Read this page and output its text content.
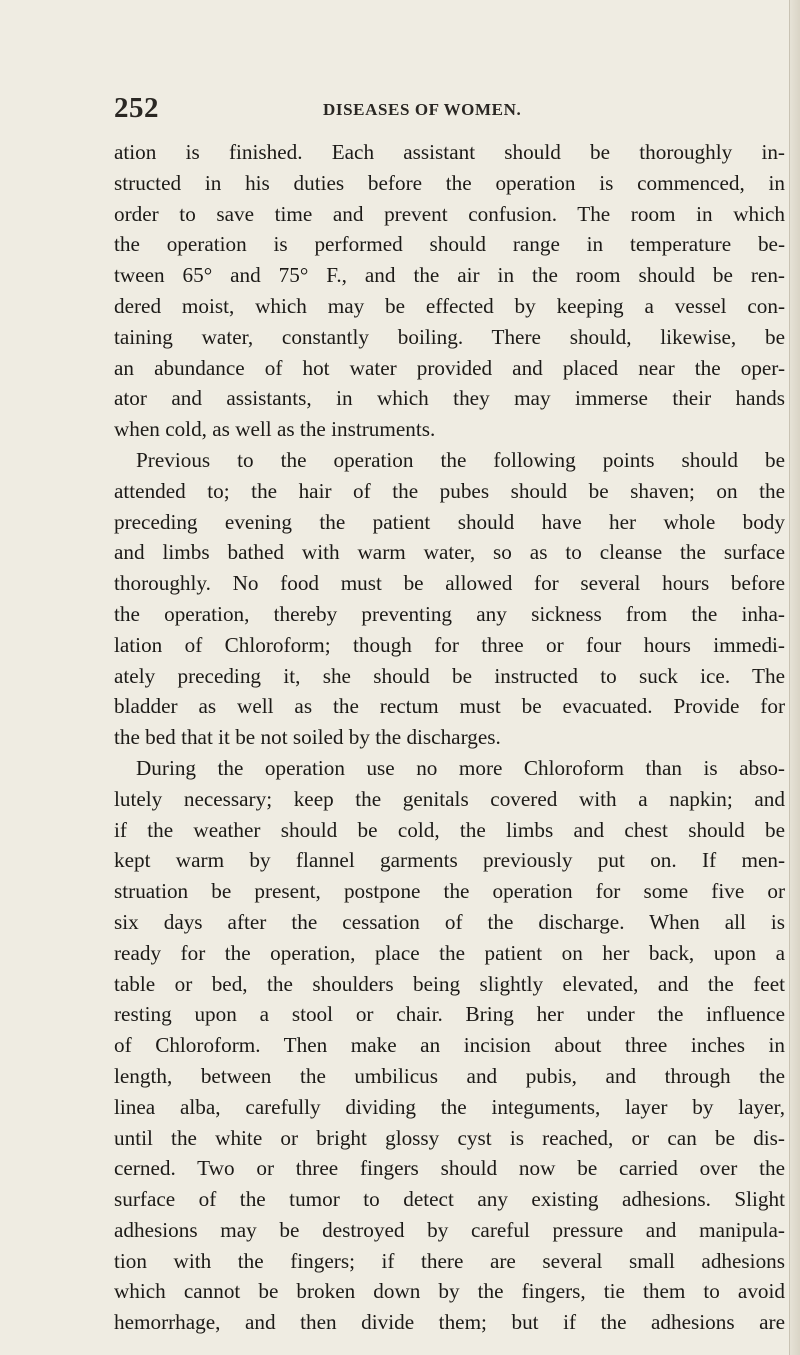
252	DISEASES OF WOMEN.
ation is finished. Each assistant should be thoroughly in-
structed in his duties before the operation is commenced, in
order to save time and prevent confusion. The room in which
the operation is performed should range in temperature be-
tween 65° and 75° F., and the air in the room should be ren-
dered moist, which may be effected by keeping a vessel con-
taining water, constantly boiling. There should, likewise, be
an abundance of hot water provided and placed near the oper-
ator and assistants, in which they may immerse their hands
when cold, as well as the instruments.
Previous to the operation the following points should be
attended to; the hair of the pubes should be shaven; on the
preceding evening the patient should have her whole body
and limbs bathed with warm water, so as to cleanse the surface
thoroughly. No food must be allowed for several hours before
the operation, thereby preventing any sickness from the inha-
lation of Chloroform; though for three or four hours immedi-
ately preceding it, she should be instructed to suck ice. The
bladder as well as the rectum must be evacuated. Provide for
the bed that it be not soiled by the discharges.
During the operation use no more Chloroform than is abso-
lutely necessary; keep the genitals covered with a napkin; and
if the weather should be cold, the limbs and chest should be
kept warm by flannel garments previously put on. If men-
struation be present, postpone the operation for some five or
six days after the cessation of the discharge. When all is
ready for the operation, place the patient on her back, upon a
table or bed, the shoulders being slightly elevated, and the feet
resting upon a stool or chair. Bring her under the influence
of Chloroform. Then make an incision about three inches in
length, between the umbilicus and pubis, and through the
linea alba, carefully dividing the integuments, layer by layer,
until the white or bright glossy cyst is reached, or can be dis-
cerned. Two or three fingers should now be carried over the
surface of the tumor to detect any existing adhesions. Slight
adhesions may be destroyed by careful pressure and manipula-
tion with the fingers; if there are several small adhesions
which cannot be broken down by the fingers, tie them to avoid
hemorrhage, and then divide them; but if the adhesions are
